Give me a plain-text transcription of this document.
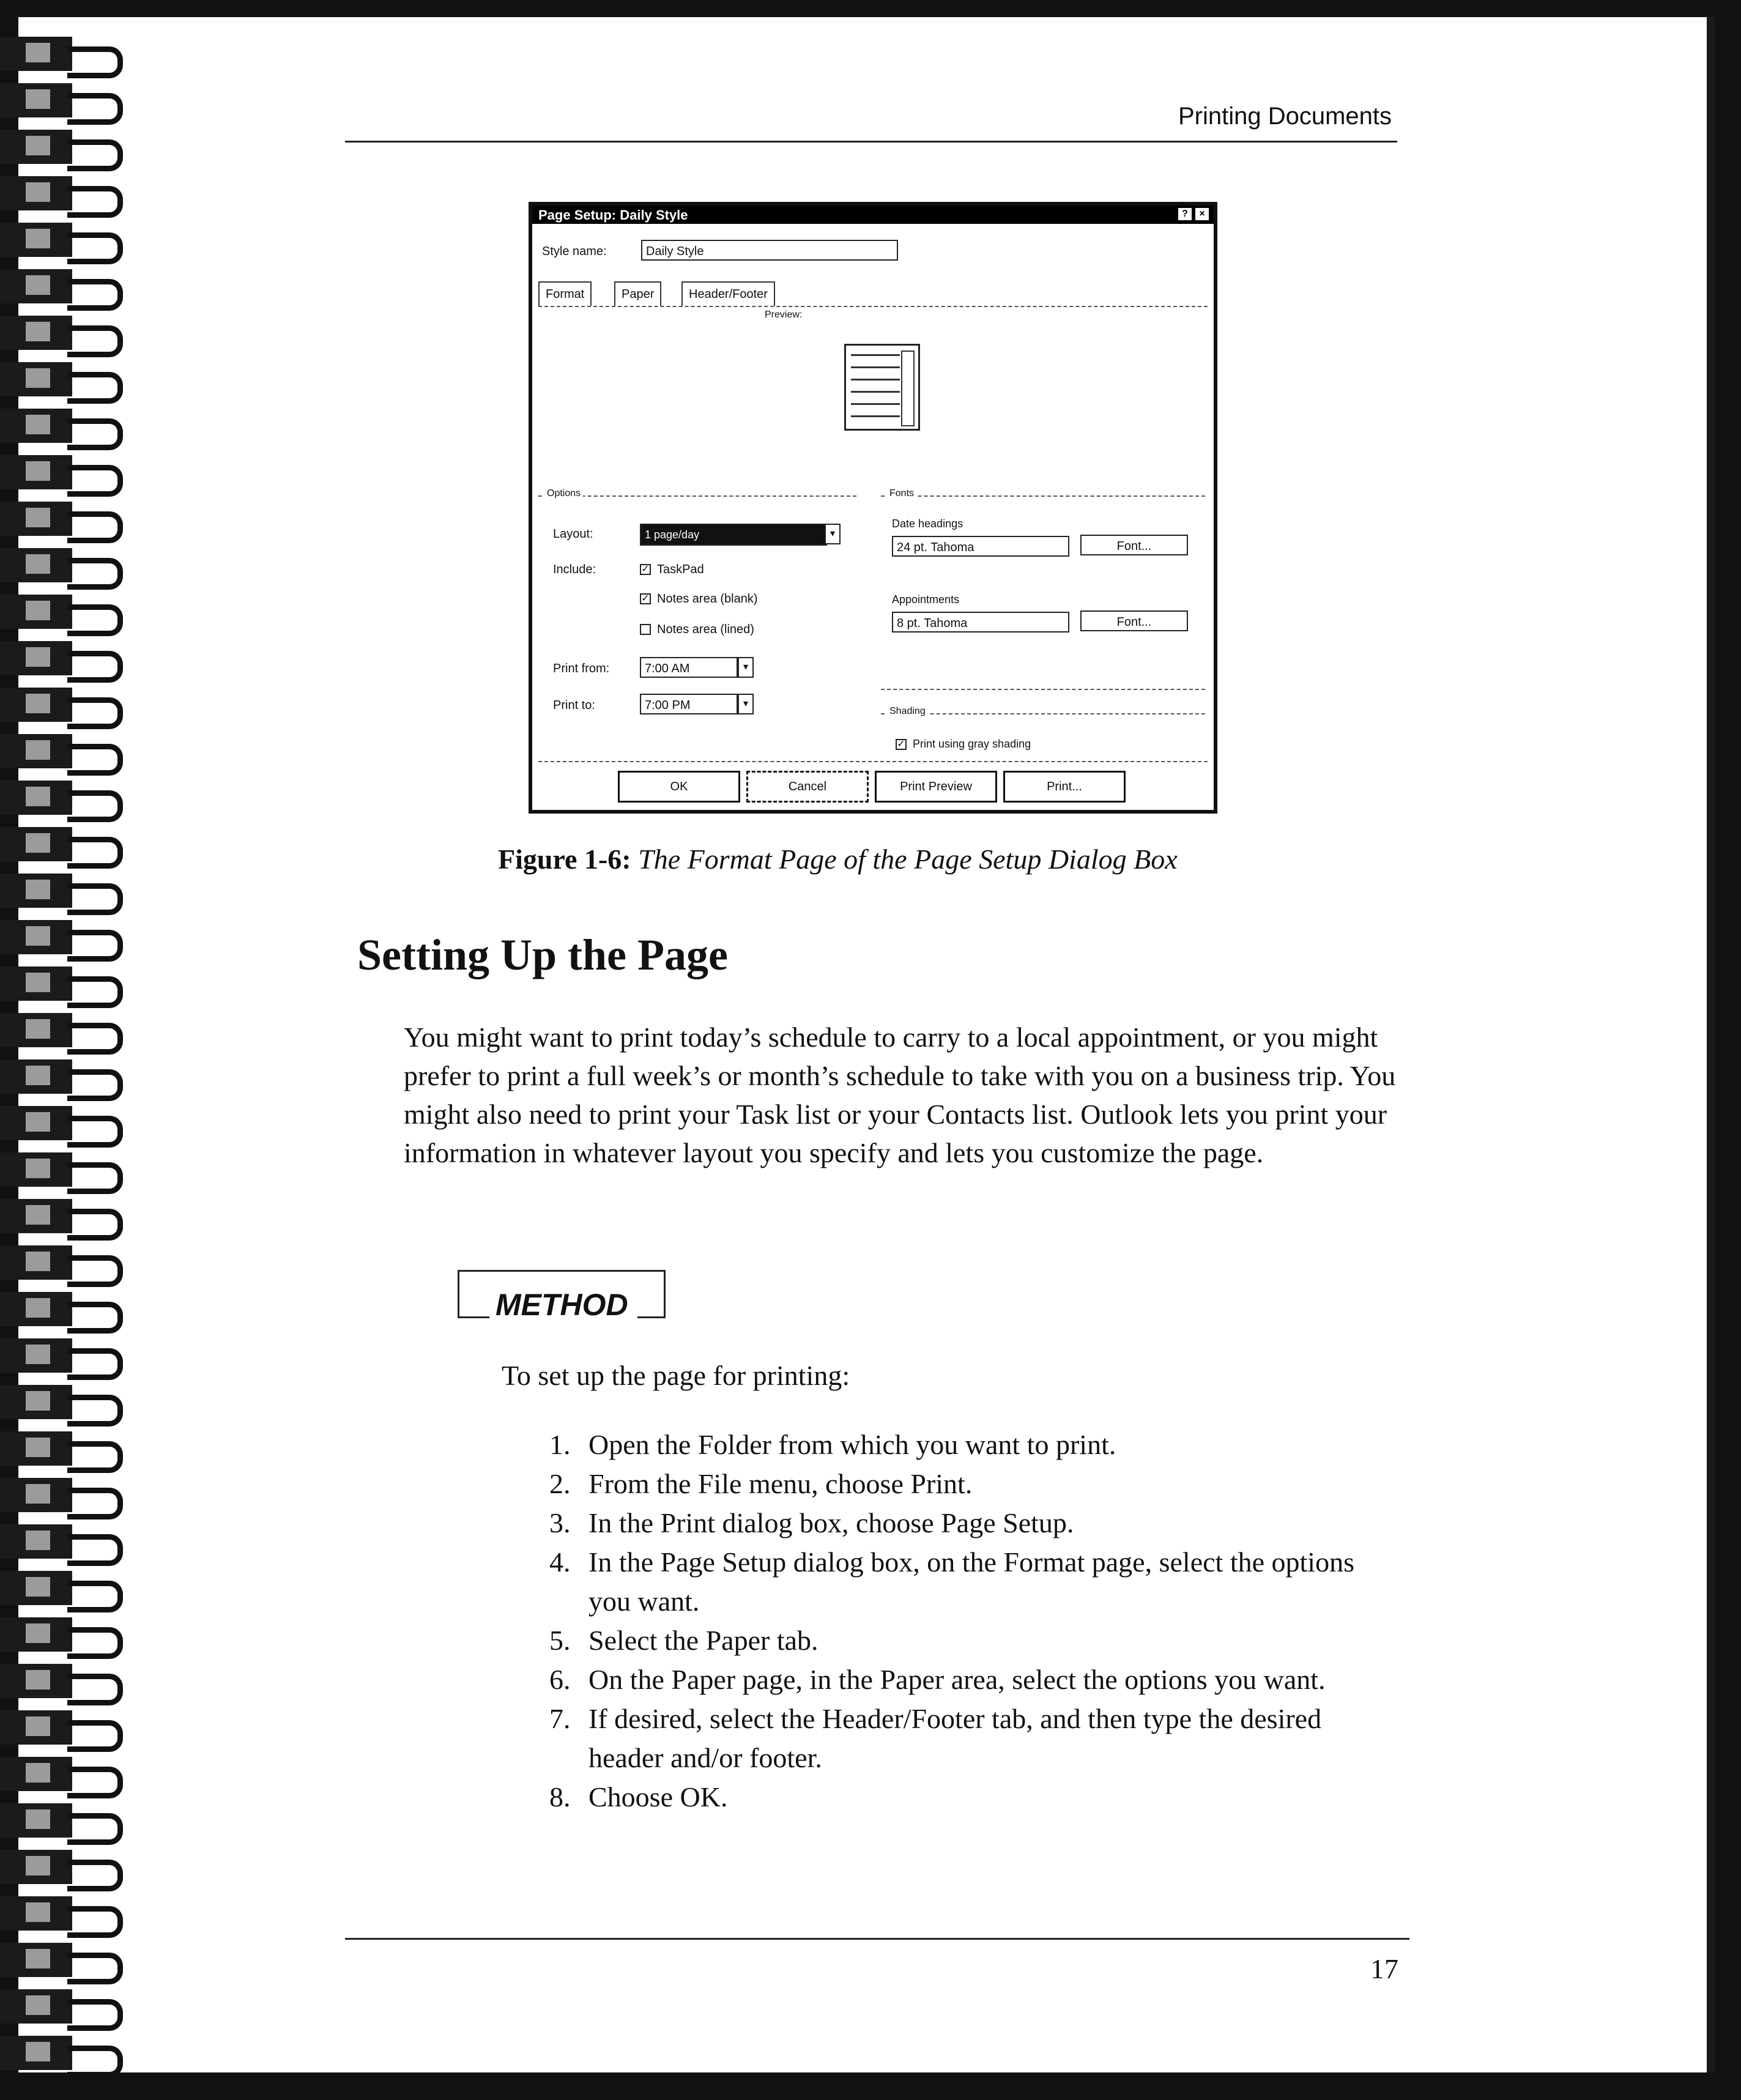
Printing Documents
Page Setup: Daily Style	?	×
Style name:	Daily Style
Format	Paper	Header/Footer
Preview:
Options
Layout:	1 page/day	▾
Include:	✓ TaskPad
✓ Notes area (blank)
Notes area (lined)
Print from:	7:00 AM	▾
Print to:	7:00 PM	▾
Fonts
Date headings
24 pt. Tahoma	Font...
Appointments
8 pt. Tahoma	Font...
Shading
✓ Print using gray shading
OK	Cancel	Print Preview	Print...
Figure 1-6: The Format Page of the Page Setup Dialog Box
Setting Up the Page
You might want to print today’s schedule to carry to a local appointment, or you might prefer to print a full week’s or month’s schedule to take with you on a business trip. You might also need to print your Task list or your Contacts list. Outlook lets you print your information in whatever layout you specify and lets you customize the page.
METHOD
To set up the page for printing:
1. Open the Folder from which you want to print.
2. From the File menu, choose Print.
3. In the Print dialog box, choose Page Setup.
4. In the Page Setup dialog box, on the Format page, select the options you want.
5. Select the Paper tab.
6. On the Paper page, in the Paper area, select the options you want.
7. If desired, select the Header/Footer tab, and then type the desired header and/or footer.
8. Choose OK.
17
